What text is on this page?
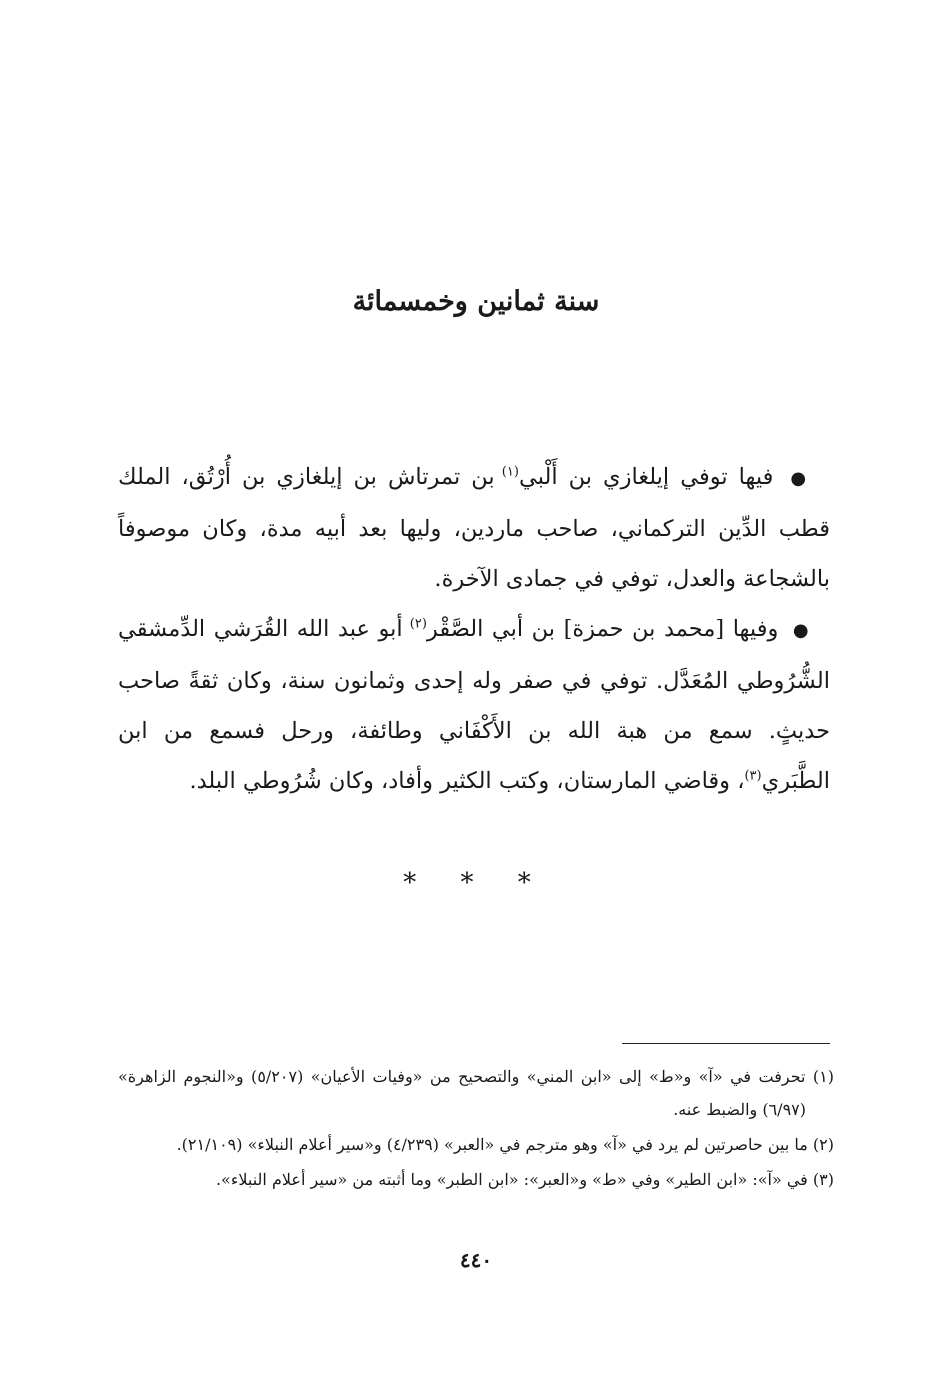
سنة ثمانين وخمسمائة

● فيها توفي إيلغازي بن أَلْبي$^{(١)}$ بن تمرتاش بن إيلغازي بن أُرْتُق، الملك قطب الدِّين التركماني، صاحب ماردين، وليها بعد أبيه مدة، وكان موصوفاً بالشجاعة والعدل، توفي في جمادى الآخرة.

● وفيها [محمد بن حمزة] بن أبي الصَّقْر$^{(٢)}$ أبو عبد الله القُرَشي الدِّمشقي الشُّرُوطي المُعَدَّل. توفي في صفر وله إحدى وثمانون سنة، وكان ثقةً صاحب حديثٍ. سمع من هبة الله بن الأَكْفَاني وطائفة، ورحل فسمع من ابن الطَّبَري$^{(٣)}$، وقاضي المارستان، وكتب الكثير وأفاد، وكان شُرُوطي البلد.

* * *

(١) تحرفت في «آ» و«ط» إلى «ابن المني» والتصحيح من «وفيات الأعيان» (٥/٢٠٧) و«النجوم الزاهرة» (٦/٩٧) والضبط عنه.

(٢) ما بين حاصرتين لم يرد في «آ» وهو مترجم في «العبر» (٤/٢٣٩) و«سير أعلام النبلاء» (٢١/١٠٩).

(٣) في «آ»: «ابن الطير» وفي «ط» و«العبر»: «ابن الطبر» وما أثبته من «سير أعلام النبلاء».

٤٤٠
